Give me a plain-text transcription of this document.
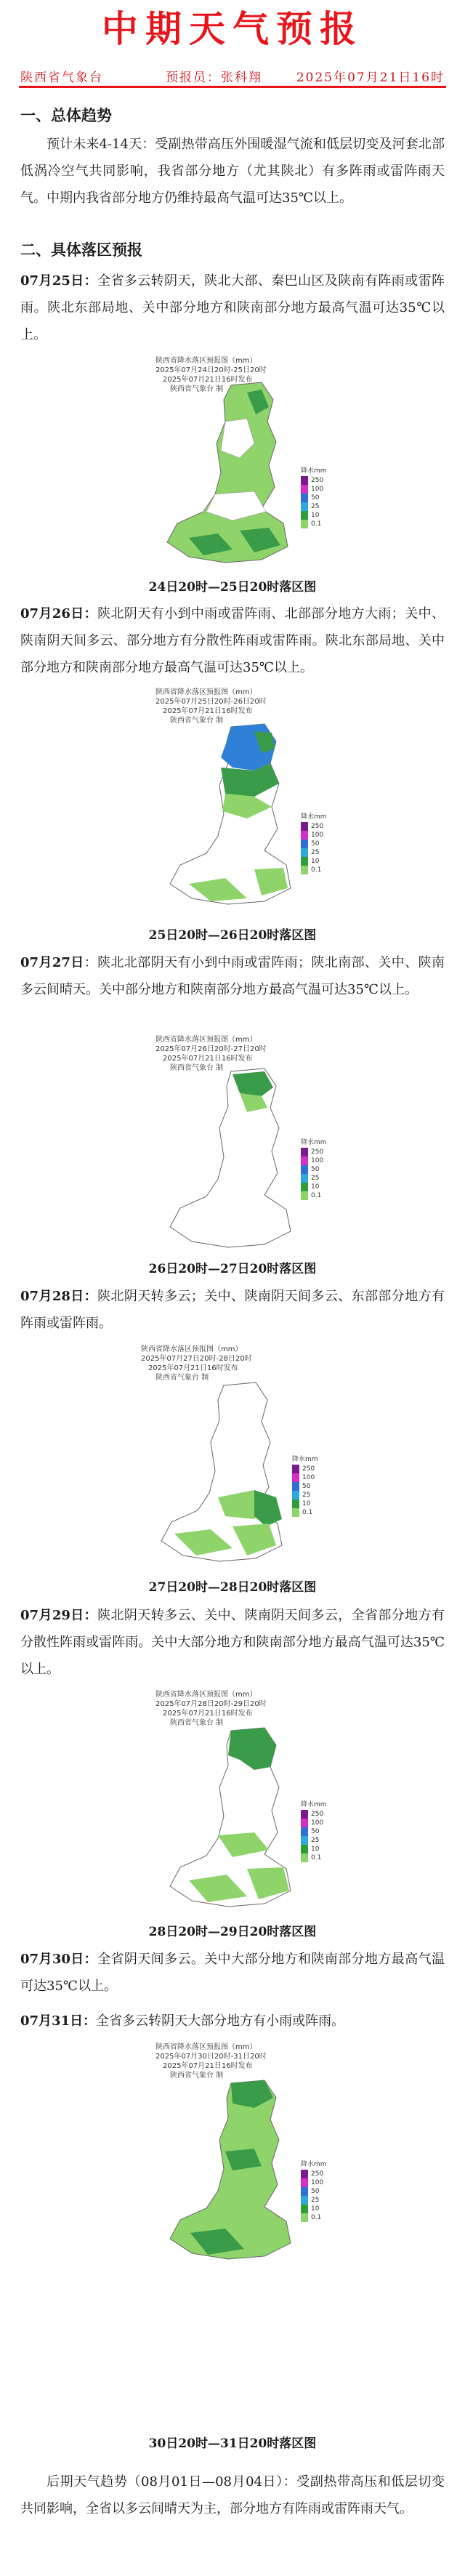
中期天气预报
陕西省气象台	预报员：张科翔	2025年07月21日16时
一、总体趋势
预计未来4-14天：受副热带高压外围暖湿气流和低层切变及河套北部低涡冷空气共同影响，我省部分地方（尤其陕北）有多阵雨或雷阵雨天气。中期内我省部分地方仍维持最高气温可达35℃以上。
二、具体落区预报
07月25日：全省多云转阴天，陕北大部、秦巴山区及陕南有阵雨或雷阵雨。陕北东部局地、关中部分地方和陕南部分地方最高气温可达35℃以上。
陕西省降水落区预报图（mm）
2025年07月24日20时-25日20时
2025年07月21日16时发布
陕西省气象台 制
降水mm
250
100
50
25
10
0.1
24日20时—25日20时落区图
07月26日：陕北阴天有小到中雨或雷阵雨、北部部分地方大雨；关中、陕南阴天间多云、部分地方有分散性阵雨或雷阵雨。陕北东部局地、关中部分地方和陕南部分地方最高气温可达35℃以上。
陕西省降水落区预报图（mm）
2025年07月25日20时-26日20时
2025年07月21日16时发布
陕西省气象台 制
降水mm
250
100
50
25
10
0.1
25日20时—26日20时落区图
07月27日：陕北北部阴天有小到中雨或雷阵雨；陕北南部、关中、陕南多云间晴天。关中部分地方和陕南部分地方最高气温可达35℃以上。
陕西省降水落区预报图（mm）
2025年07月26日20时-27日20时
2025年07月21日16时发布
陕西省气象台 制
降水mm
250
100
50
25
10
0.1
26日20时—27日20时落区图
07月28日：陕北阴天转多云；关中、陕南阴天间多云、东部部分地方有阵雨或雷阵雨。
陕西省降水落区预报图（mm）
2025年07月27日20时-28日20时
2025年07月21日16时发布
陕西省气象台 制
降水mm
250
100
50
25
10
0.1
27日20时—28日20时落区图
07月29日：陕北阴天转多云、关中、陕南阴天间多云，全省部分地方有分散性阵雨或雷阵雨。关中大部分地方和陕南部分地方最高气温可达35℃以上。
陕西省降水落区预报图（mm）
2025年07月28日20时-29日20时
2025年07月21日16时发布
陕西省气象台 制
降水mm
250
100
50
25
10
0.1
28日20时—29日20时落区图
07月30日：全省阴天间多云。关中大部分地方和陕南部分地方最高气温可达35℃以上。
07月31日：全省多云转阴天大部分地方有小雨或阵雨。
陕西省降水落区预报图（mm）
2025年07月30日20时-31日20时
2025年07月21日16时发布
陕西省气象台 制
降水mm
250
100
50
25
10
0.1
30日20时—31日20时落区图
后期天气趋势（08月01日—08月04日）：受副热带高压和低层切变共同影响，全省以多云间晴天为主，部分地方有阵雨或雷阵雨天气。
